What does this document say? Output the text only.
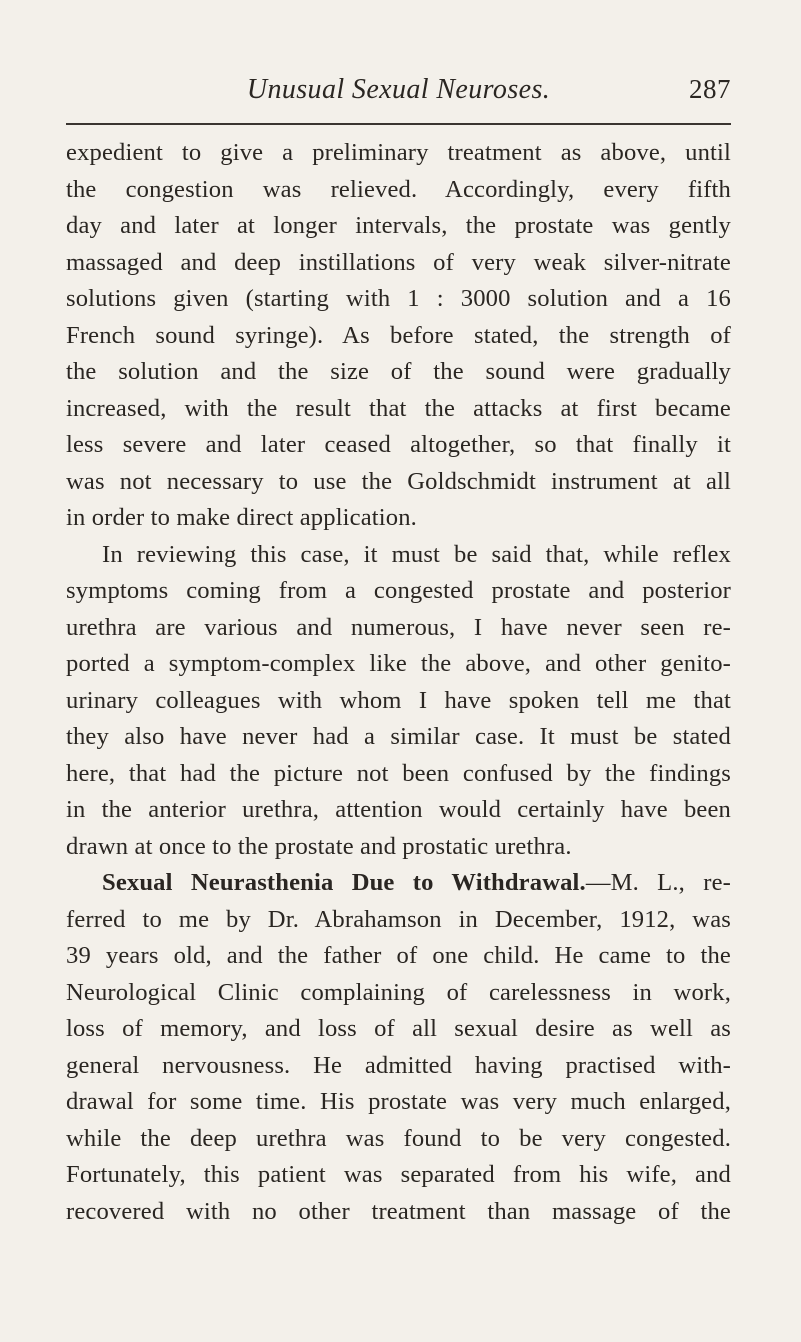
Unusual Sexual Neuroses.	287
expedient to give a preliminary treatment as above, until
the congestion was relieved. Accordingly, every fifth
day and later at longer intervals, the prostate was gently
massaged and deep instillations of very weak silver-nitrate
solutions given (starting with 1 : 3000 solution and a 16
French sound syringe). As before stated, the strength of
the solution and the size of the sound were gradually
increased, with the result that the attacks at first became
less severe and later ceased altogether, so that finally it
was not necessary to use the Goldschmidt instrument at all
in order to make direct application.
In reviewing this case, it must be said that, while reflex
symptoms coming from a congested prostate and posterior
urethra are various and numerous, I have never seen re-
ported a symptom-complex like the above, and other genito-
urinary colleagues with whom I have spoken tell me that
they also have never had a similar case. It must be stated
here, that had the picture not been confused by the findings
in the anterior urethra, attention would certainly have been
drawn at once to the prostate and prostatic urethra.
Sexual Neurasthenia Due to Withdrawal.—M. L., re-
ferred to me by Dr. Abrahamson in December, 1912, was
39 years old, and the father of one child. He came to the
Neurological Clinic complaining of carelessness in work,
loss of memory, and loss of all sexual desire as well as
general nervousness. He admitted having practised with-
drawal for some time. His prostate was very much enlarged,
while the deep urethra was found to be very congested.
Fortunately, this patient was separated from his wife, and
recovered with no other treatment than massage of the
